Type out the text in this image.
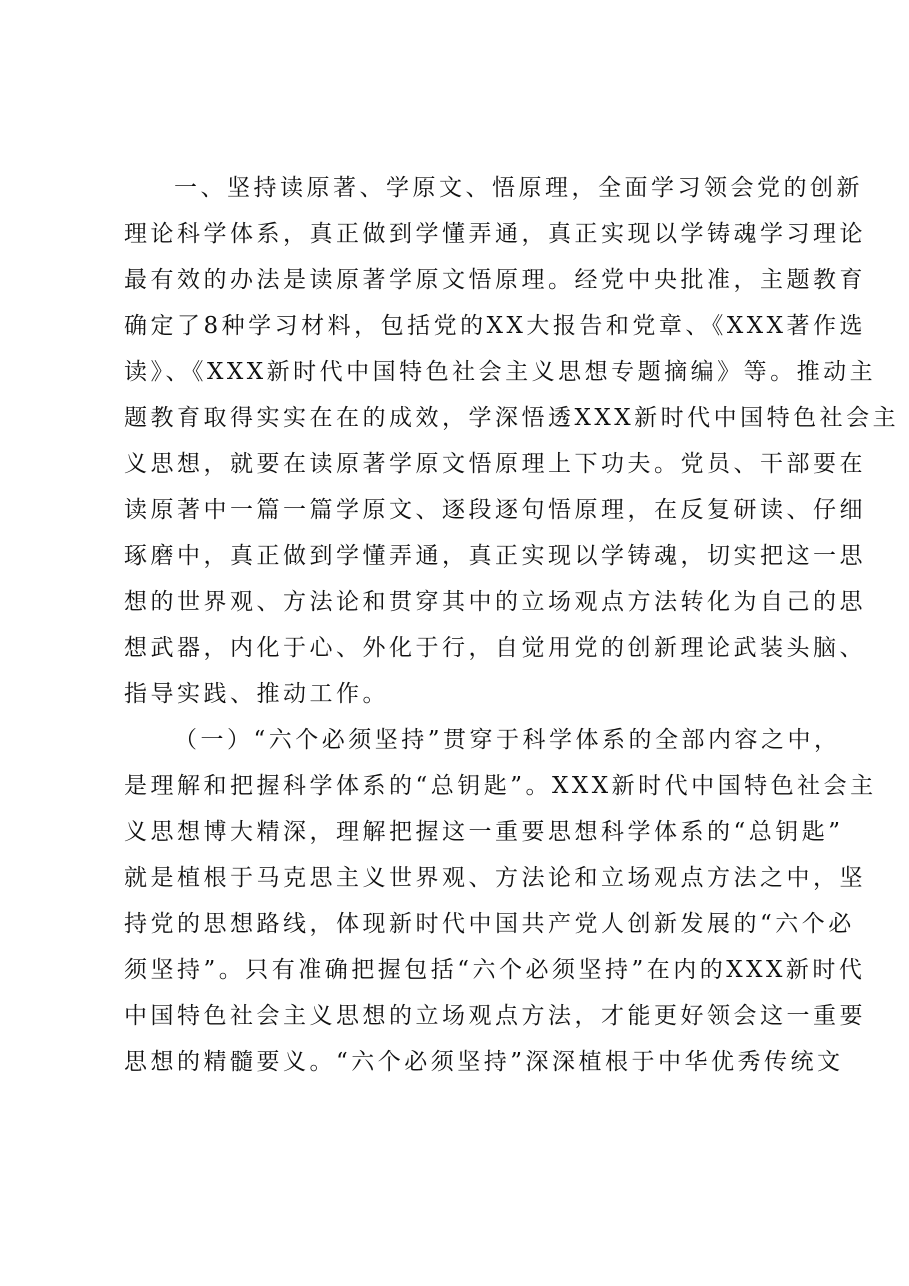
一、坚持读原著、学原文、悟原理，全面学习领会党的创新

理论科学体系，真正做到学懂弄通，真正实现以学铸魂学习理论

最有效的办法是读原著学原文悟原理。经党中央批准，主题教育

确定了8种学习材料，包括党的XX大报告和党章、《XXX著作选

读》、《XXX新时代中国特色社会主义思想专题摘编》等。推动主

题教育取得实实在在的成效，学深悟透XXX新时代中国特色社会主

义思想，就要在读原著学原文悟原理上下功夫。党员、干部要在

读原著中一篇一篇学原文、逐段逐句悟原理，在反复研读、仔细

琢磨中，真正做到学懂弄通，真正实现以学铸魂，切实把这一思

想的世界观、方法论和贯穿其中的立场观点方法转化为自己的思

想武器，内化于心、外化于行，自觉用党的创新理论武装头脑、

指导实践、推动工作。

（一）“六个必须坚持”贯穿于科学体系的全部内容之中，

是理解和把握科学体系的“总钥匙”。XXX新时代中国特色社会主

义思想博大精深，理解把握这一重要思想科学体系的“总钥匙”

就是植根于马克思主义世界观、方法论和立场观点方法之中，坚

持党的思想路线，体现新时代中国共产党人创新发展的“六个必

须坚持”。只有准确把握包括“六个必须坚持”在内的XXX新时代

中国特色社会主义思想的立场观点方法，才能更好领会这一重要

思想的精髓要义。“六个必须坚持”深深植根于中华优秀传统文
